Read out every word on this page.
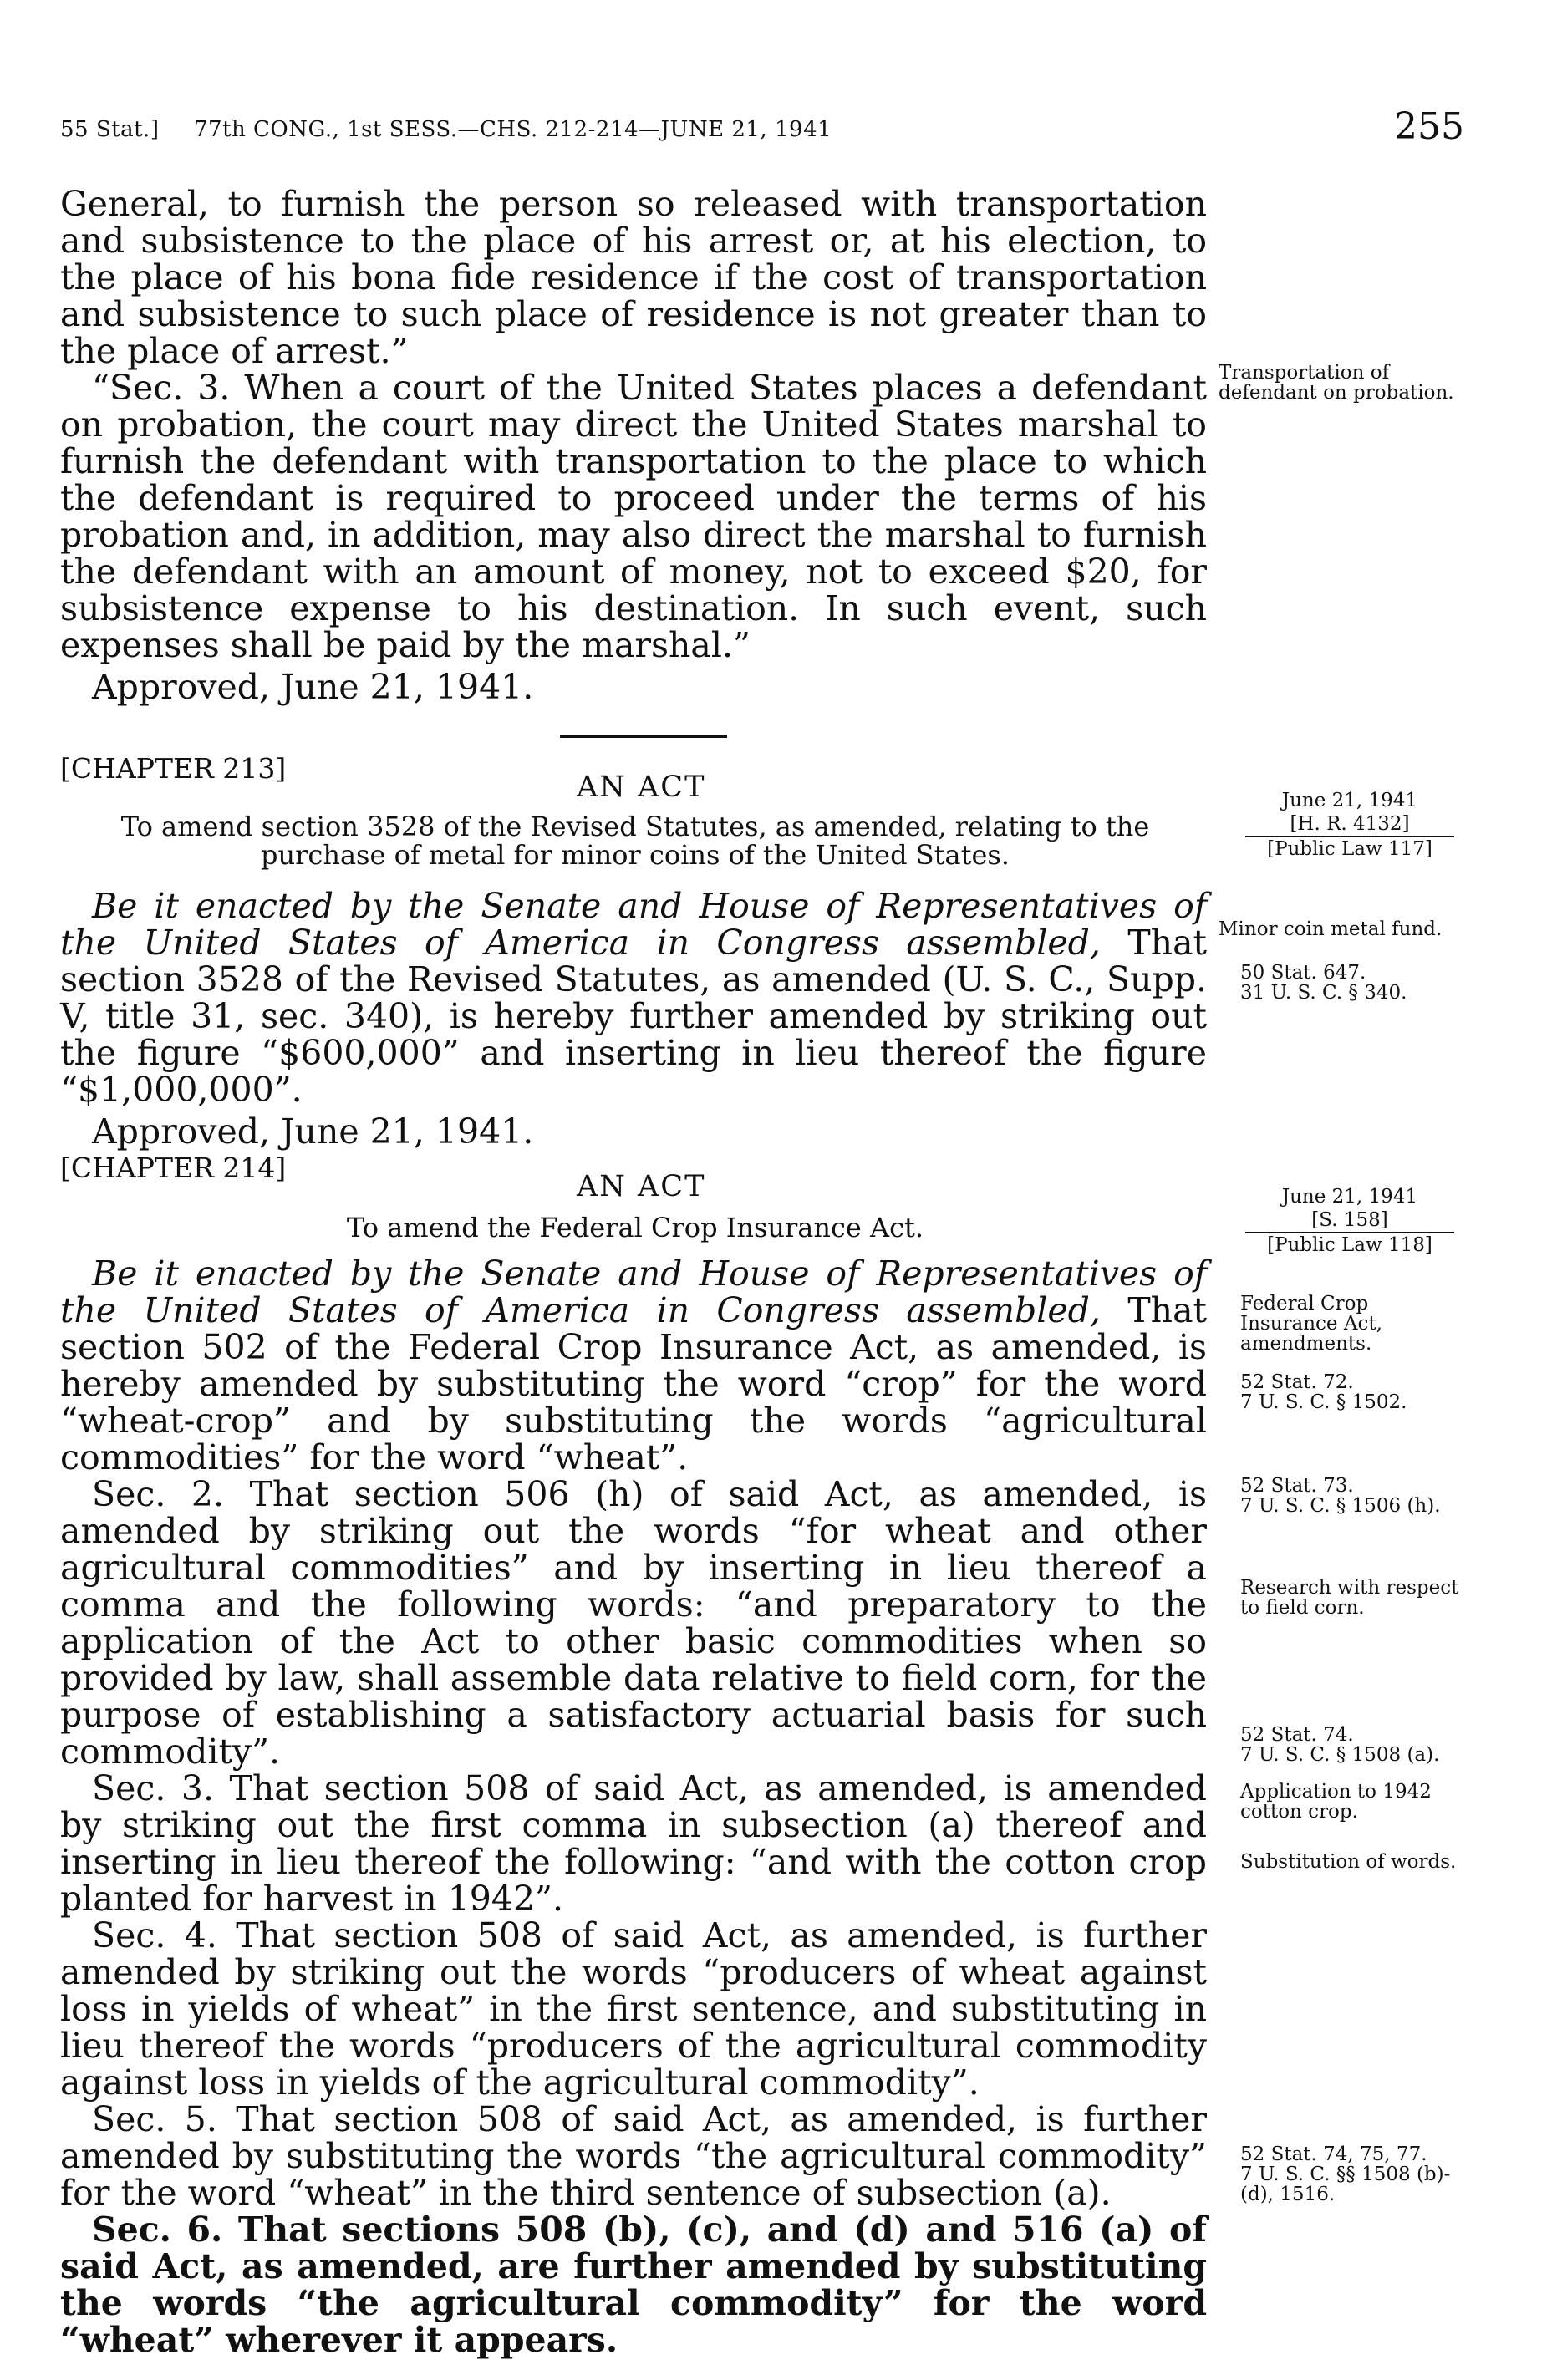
55 Stat.] 77th CONG., 1st SESS.—CHS. 212-214—JUNE 21, 1941	255

General, to furnish the person so released with transportation and subsistence to the place of his arrest or, at his election, to the place of his bona fide residence if the cost of transportation and subsistence to such place of residence is not greater than to the place of arrest.”

“Sec. 3. When a court of the United States places a defendant on probation, the court may direct the United States marshal to furnish the defendant with transportation to the place to which the defendant is required to proceed under the terms of his probation and, in addition, may also direct the marshal to furnish the defendant with an amount of money, not to exceed $20, for subsistence expense to his destination. In such event, such expenses shall be paid by the marshal.”

Approved, June 21, 1941.

Transportation of defendant on probation.
[CHAPTER 213]
AN ACT
To amend section 3528 of the Revised Statutes, as amended, relating to the purchase of metal for minor coins of the United States.
June 21, 1941

[H. R. 4132]
[Public Law 117]

Be it enacted by the Senate and House of Representatives of the United States of America in Congress assembled, That section 3528 of the Revised Statutes, as amended (U. S. C., Supp. V, title 31, sec. 340), is hereby further amended by striking out the figure “$600,000” and inserting in lieu thereof the figure “$1,000,000”.

Approved, June 21, 1941.

Minor coin metal fund.
50 Stat. 647.
31 U. S. C. § 340.
[CHAPTER 214]
AN ACT
To amend the Federal Crop Insurance Act.
June 21, 1941

[S. 158]
[Public Law 118]

Be it enacted by the Senate and House of Representatives of the United States of America in Congress assembled, That section 502 of the Federal Crop Insurance Act, as amended, is hereby amended by substituting the word “crop” for the word “wheat-crop” and by substituting the words “agricultural commodities” for the word “wheat”.

Sec. 2. That section 506 (h) of said Act, as amended, is amended by striking out the words “for wheat and other agricultural commodities” and by inserting in lieu thereof a comma and the following words: “and preparatory to the application of the Act to other basic commodities when so provided by law, shall assemble data relative to field corn, for the purpose of establishing a satisfactory actuarial basis for such commodity”.

Sec. 3. That section 508 of said Act, as amended, is amended by striking out the first comma in subsection (a) thereof and inserting in lieu thereof the following: “and with the cotton crop planted for harvest in 1942”.

Sec. 4. That section 508 of said Act, as amended, is further amended by striking out the words “producers of wheat against loss in yields of wheat” in the first sentence, and substituting in lieu thereof the words “producers of the agricultural commodity against loss in yields of the agricultural commodity”.

Sec. 5. That section 508 of said Act, as amended, is further amended by substituting the words “the agricultural commodity” for the word “wheat” in the third sentence of subsection (a).

Sec. 6. That sections 508 (b), (c), and (d) and 516 (a) of said Act, as amended, are further amended by substituting the words “the agricultural commodity” for the word “wheat” wherever it appears.

Federal Crop Insurance Act, amendments.
52 Stat. 72.
7 U. S. C. § 1502.
52 Stat. 73.
7 U. S. C. § 1506 (h).
Research with respect to field corn.
52 Stat. 74.
7 U. S. C. § 1508 (a).
Application to 1942 cotton crop.
Substitution of words.
52 Stat. 74, 75, 77.
7 U. S. C. §§ 1508 (b)-(d), 1516.
